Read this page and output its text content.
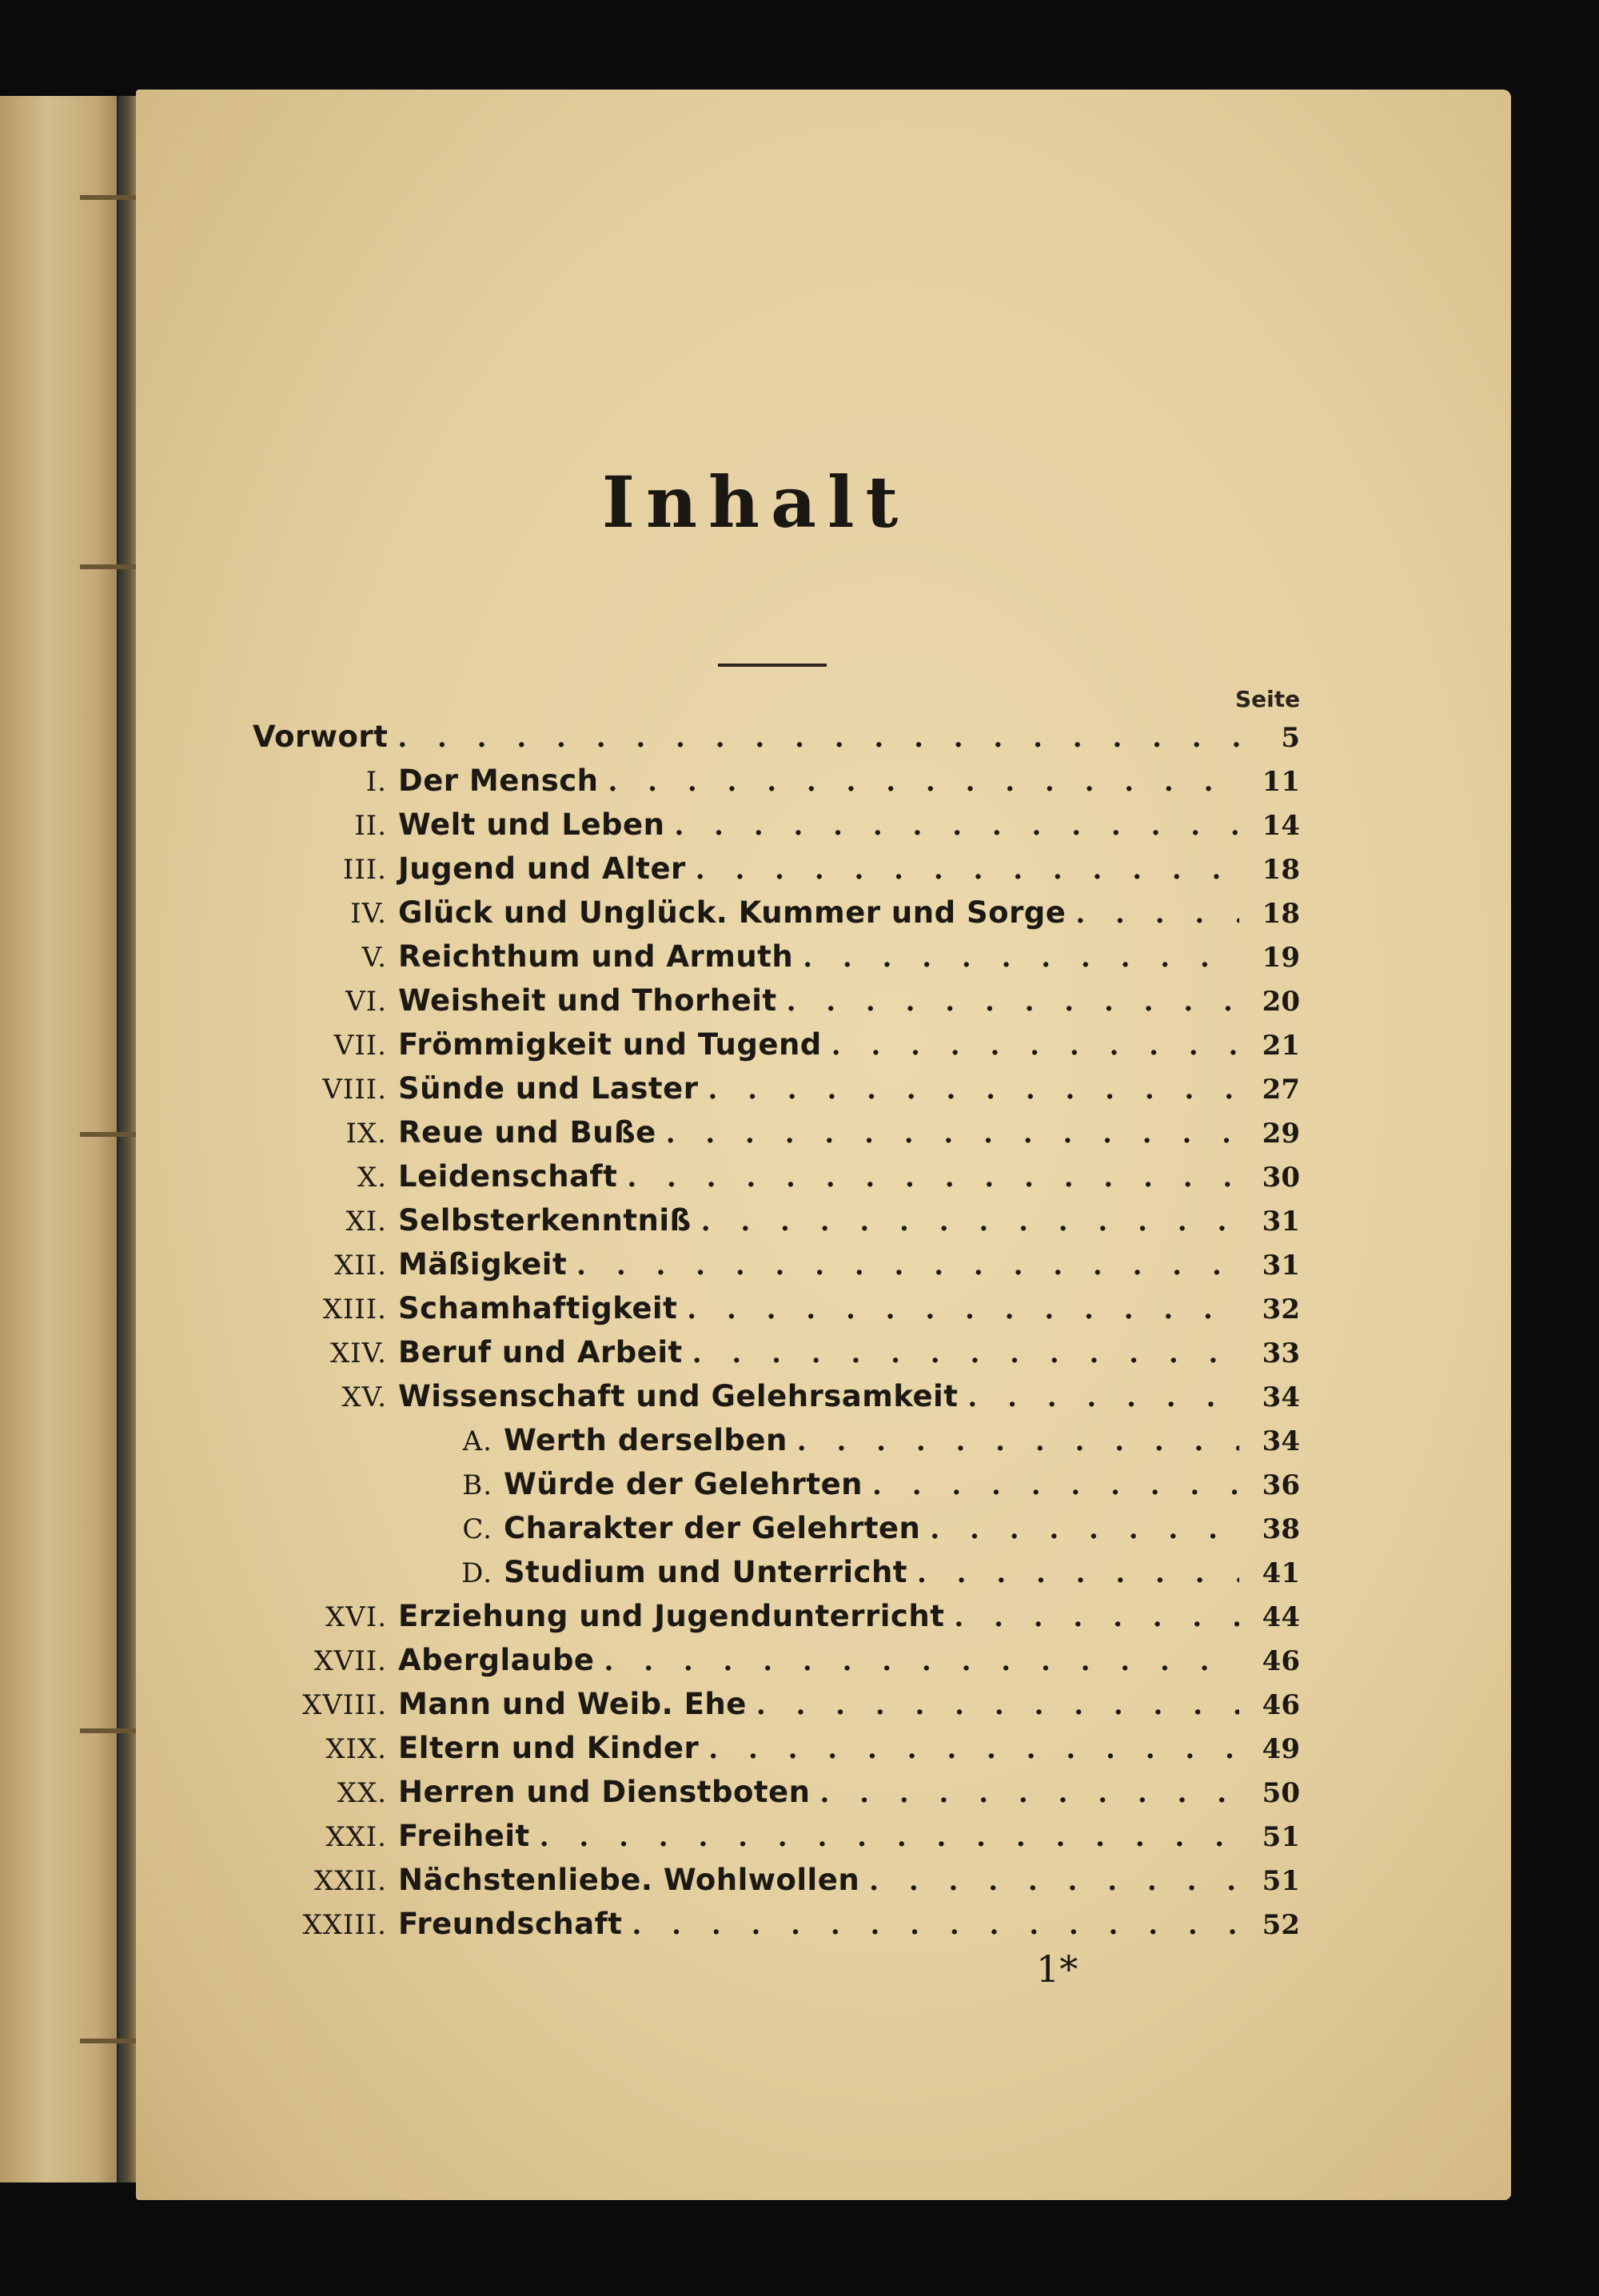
Inhalt
Seite
Vorwort . . .	5
I. Der Mensch . . .	11
II. Welt und Leben . . .	14
III. Jugend und Alter . . .	18
IV. Glück und Unglück. Kummer und Sorge . . .	18
V. Reichthum und Armuth . . .	19
VI. Weisheit und Thorheit . . .	20
VII. Frömmigkeit und Tugend . . .	21
VIII. Sünde und Laster . . .	27
IX. Reue und Buße . . .	29
X. Leidenschaft . . .	30
XI. Selbsterkenntniß . . .	31
XII. Mäßigkeit . . .	31
XIII. Schamhaftigkeit . . .	32
XIV. Beruf und Arbeit . . .	33
XV. Wissenschaft und Gelehrsamkeit . . .	34
A. Werth derselben . . .	34
B. Würde der Gelehrten . . .	36
C. Charakter der Gelehrten . . .	38
D. Studium und Unterricht . . .	41
XVI. Erziehung und Jugendunterricht . . .	44
XVII. Aberglaube . . .	46
XVIII. Mann und Weib. Ehe . . .	46
XIX. Eltern und Kinder . . .	49
XX. Herren und Dienstboten . . .	50
XXI. Freiheit . . .	51
XXII. Nächstenliebe. Wohlwollen . . .	51
XXIII. Freundschaft . . .	52
1*
